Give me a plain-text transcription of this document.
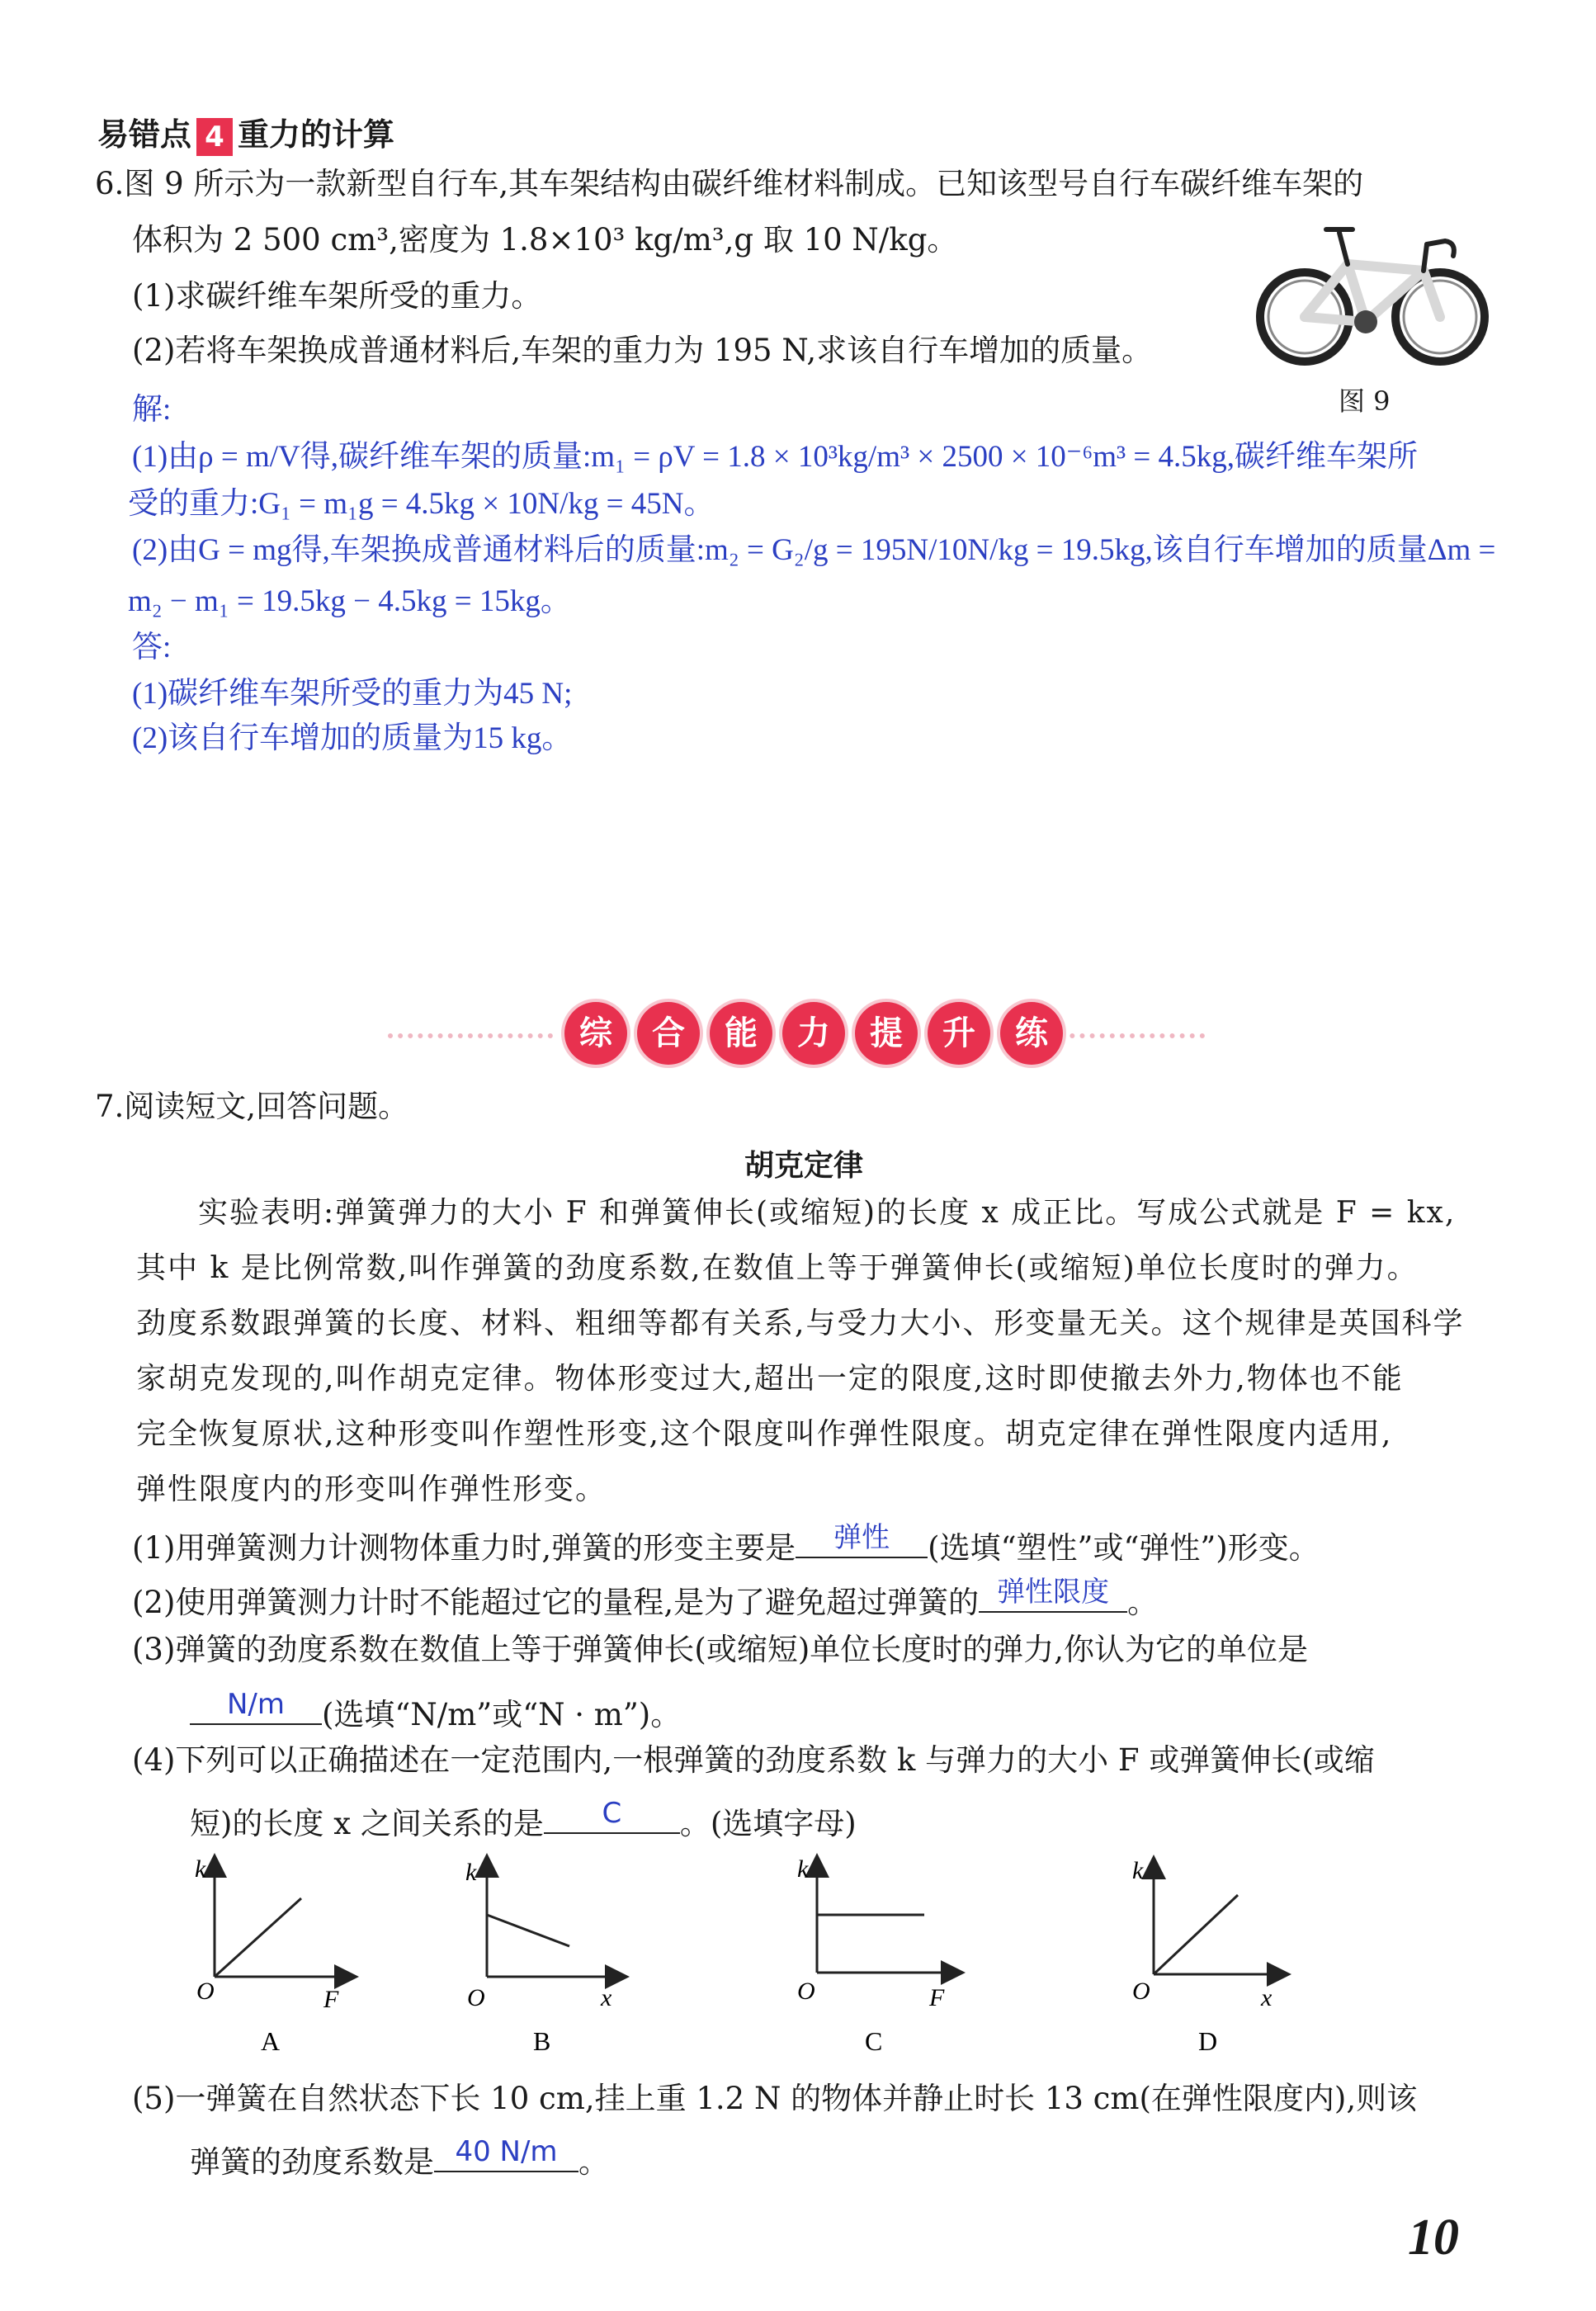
易错点 4 重力的计算
6.图 9 所示为一款新型自行车,其车架结构由碳纤维材料制成。已知该型号自行车碳纤维车架的
体积为 2 500 cm³,密度为 1.8×10³ kg/m³,g 取 10 N/kg。
(1)求碳纤维车架所受的重力。
(2)若将车架换成普通材料后,车架的重力为 195 N,求该自行车增加的质量。
图 9
解:
(1)由ρ = m/V得,碳纤维车架的质量:m₁ = ρV = 1.8 × 10³kg/m³ × 2500 × 10⁻⁶m³ = 4.5kg,碳纤维车架所
受的重力:G₁ = m₁g = 4.5kg × 10N/kg = 45N。
(2)由G = mg得,车架换成普通材料后的质量:m₂ = G₂/g = 195N/10N/kg = 19.5kg,该自行车增加的质量Δm =
m₂ − m₁ = 19.5kg − 4.5kg = 15kg。
答:
(1)碳纤维车架所受的重力为45 N;
(2)该自行车增加的质量为15 kg。
综 合 能 力 提 升 练
7.阅读短文,回答问题。
胡克定律
实验表明:弹簧弹力的大小 F 和弹簧伸长(或缩短)的长度 x 成正比。写成公式就是 F = kx,
其中 k 是比例常数,叫作弹簧的劲度系数,在数值上等于弹簧伸长(或缩短)单位长度时的弹力。
劲度系数跟弹簧的长度、材料、粗细等都有关系,与受力大小、形变量无关。这个规律是英国科学
家胡克发现的,叫作胡克定律。物体形变过大,超出一定的限度,这时即使撤去外力,物体也不能
完全恢复原状,这种形变叫作塑性形变,这个限度叫作弹性限度。胡克定律在弹性限度内适用,
弹性限度内的形变叫作弹性形变。
(1)用弹簧测力计测物体重力时,弹簧的形变主要是	弹性	(选填“塑性”或“弹性”)形变。
(2)使用弹簧测力计时不能超过它的量程,是为了避免超过弹簧的 弹性限度 。
(3)弹簧的劲度系数在数值上等于弹簧伸长(或缩短)单位长度时的弹力,你认为它的单位是
N/m	(选填“N/m”或“N · m”)。
(4)下列可以正确描述在一定范围内,一根弹簧的劲度系数 k 与弹力的大小 F 或弹簧伸长(或缩
短)的长度 x 之间关系的是	C	。(选填字母)
k
O	F
A
k
O	x
B
k
O	F
C
k
O	x
D
(5)一弹簧在自然状态下长 10 cm,挂上重 1.2 N 的物体并静止时长 13 cm(在弹性限度内),则该
弹簧的劲度系数是 40 N/m 。
10
